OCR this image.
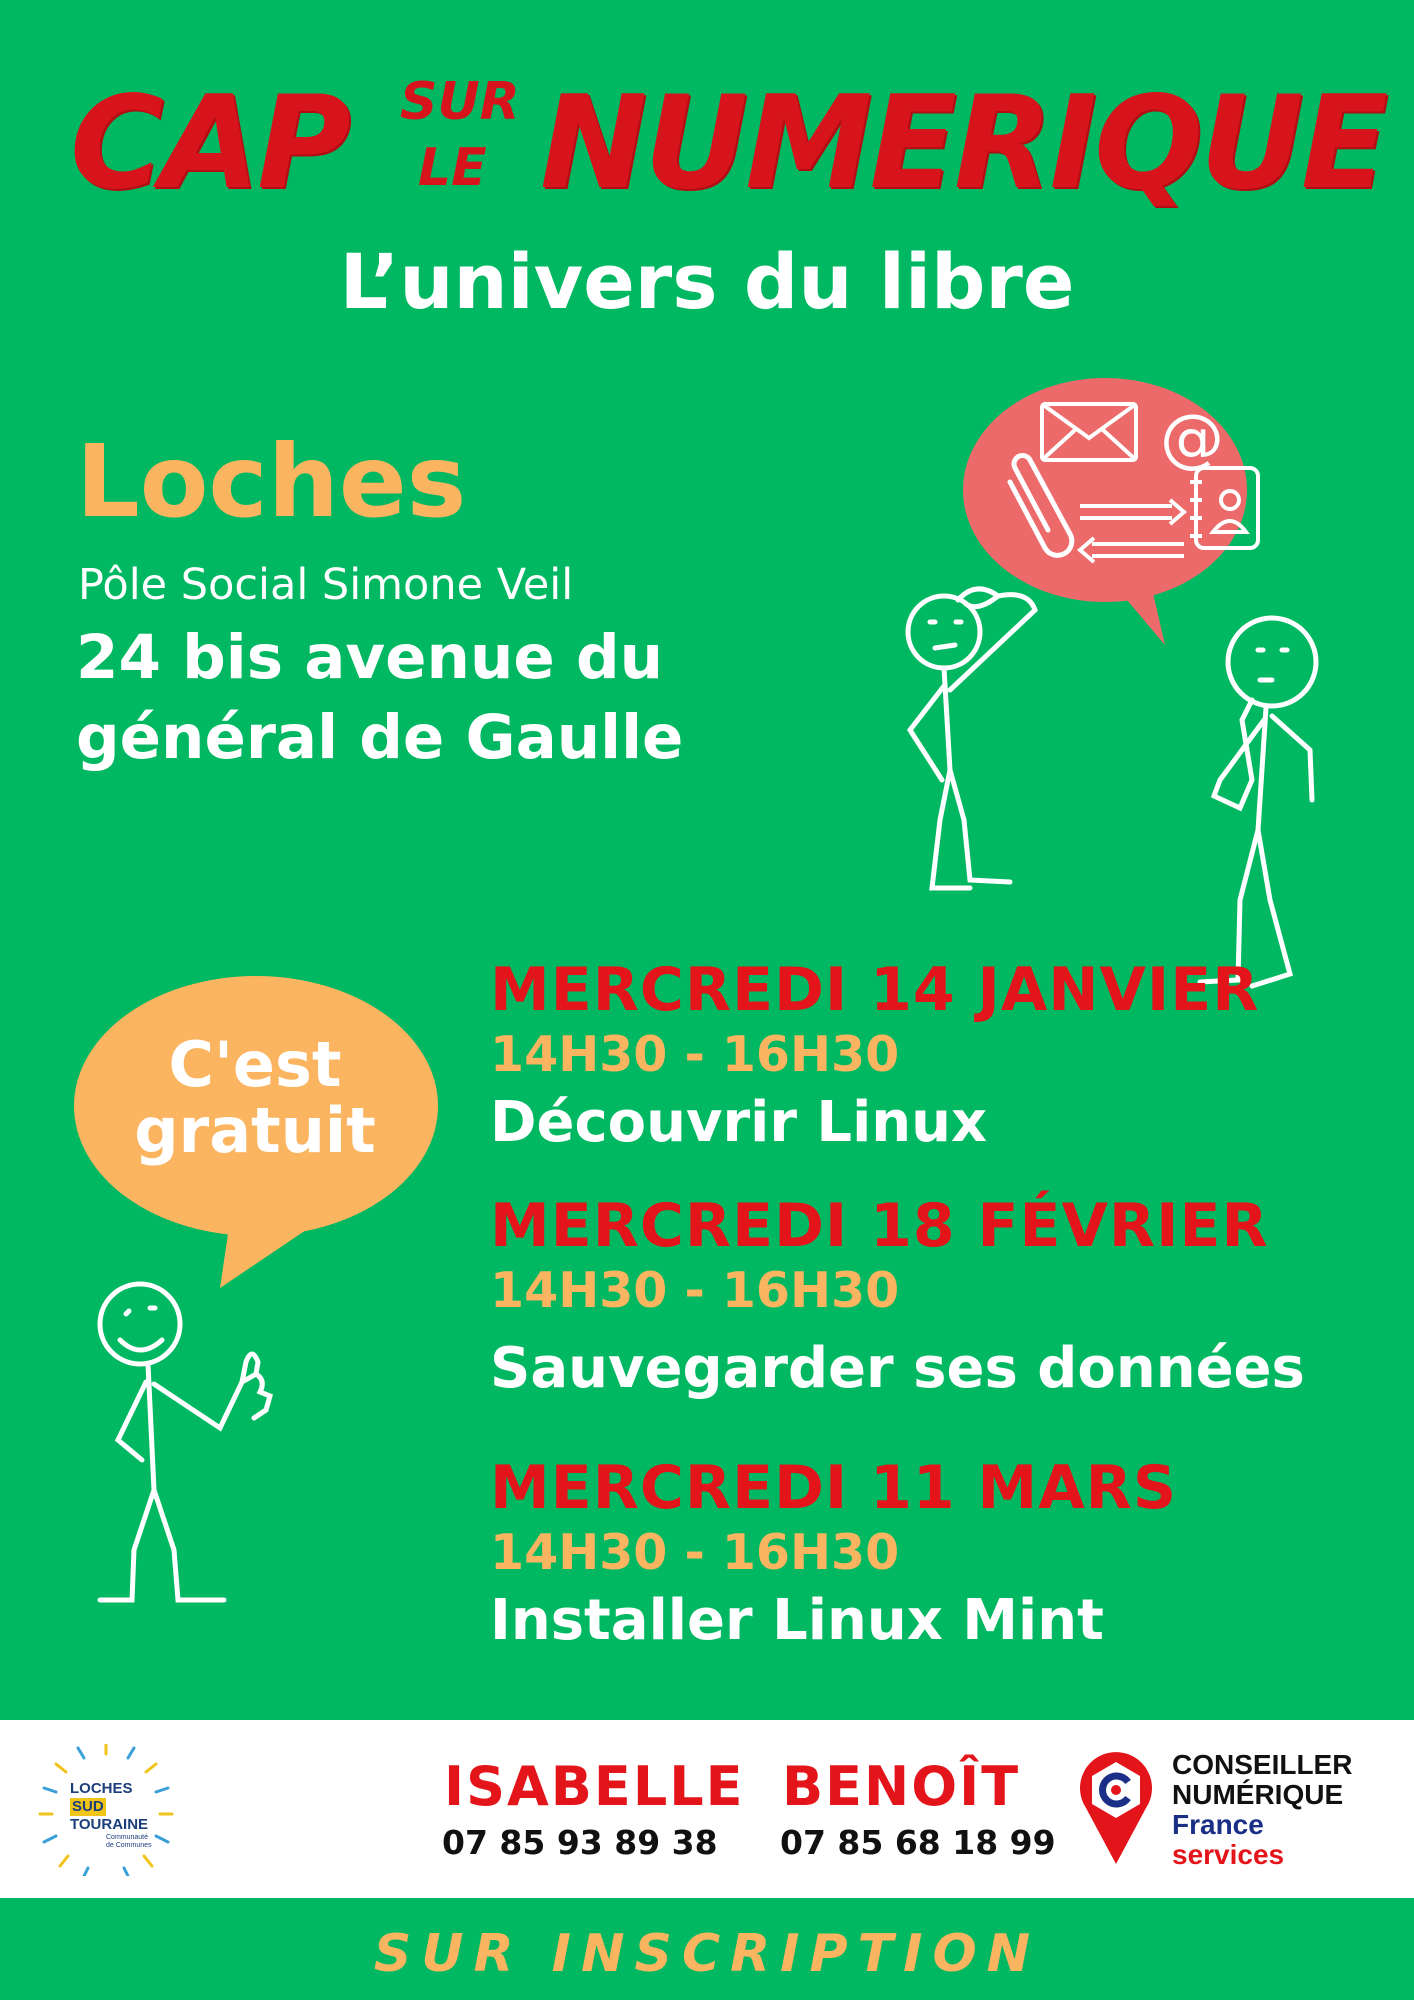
CAP SUR
LE NUMERIQUE
L’univers du libre
Loches
Pôle Social Simone Veil
24 bis avenue du
général de Gaulle
@
C'est
gratuit
MERCREDI 14 JANVIER
14H30 - 16H30
Découvrir Linux
MERCREDI 18 FÉVRIER
14H30 - 16H30
Sauvegarder ses données
MERCREDI 11 MARS
14H30 - 16H30
Installer Linux Mint
LOCHES
SUD
TOURAINE
Communauté
de Communes
ISABELLE
07 85 93 89 38
BENOÎT
07 85 68 18 99
CONSEILLER
NUMÉRIQUE
France
services
SUR INSCRIPTION
